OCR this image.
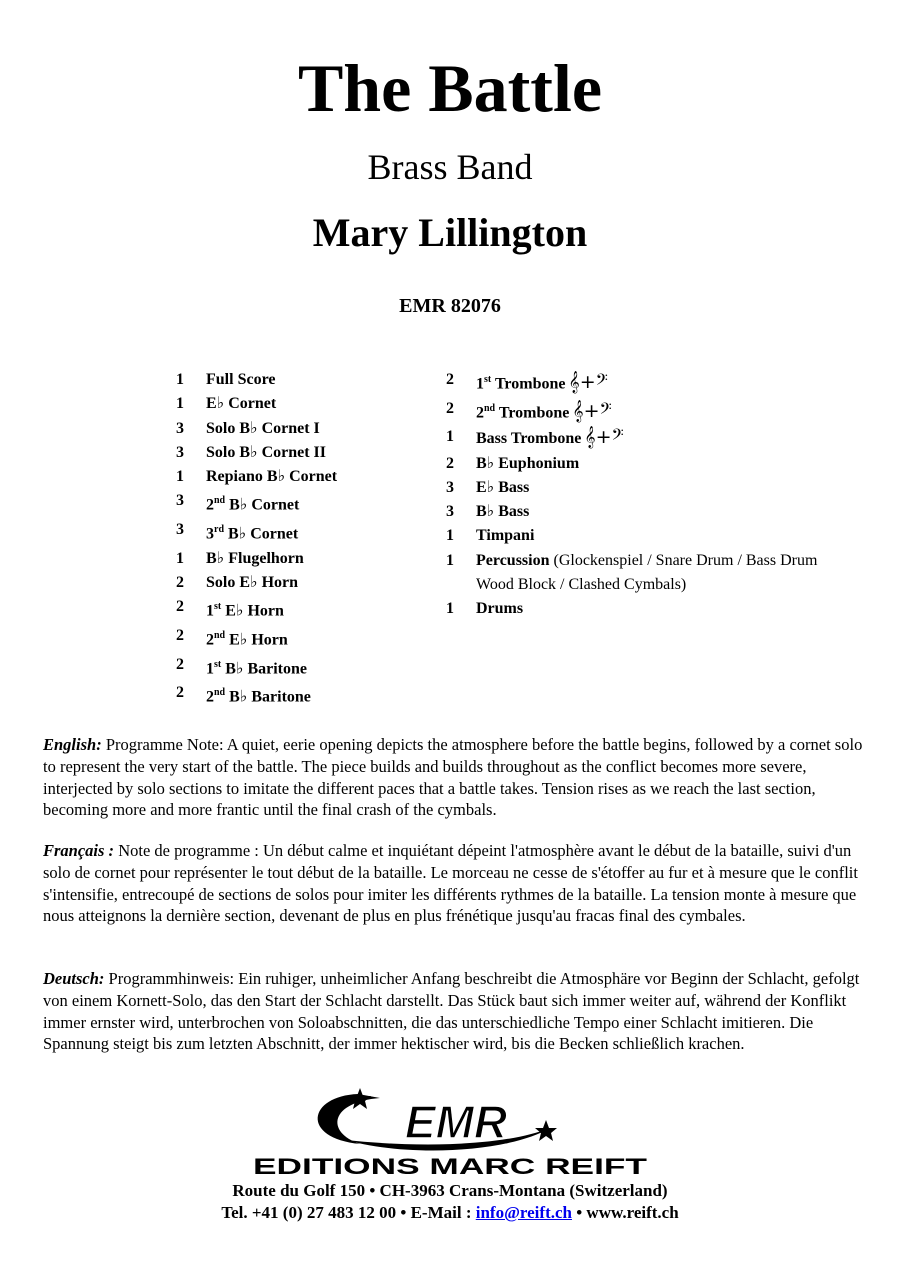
The Battle
Brass Band
Mary Lillington
EMR 82076
1	Full Score
1	E♭ Cornet
3	Solo B♭ Cornet I
3	Solo B♭ Cornet II
1	Repiano B♭ Cornet
3	2nd B♭ Cornet
3	3rd B♭ Cornet
1	B♭ Flugelhorn
2	Solo E♭ Horn
2	1st E♭ Horn
2	2nd E♭ Horn
2	1st B♭ Baritone
2	2nd B♭ Baritone
2	1st Trombone 𝄞+𝄢
2	2nd Trombone 𝄞+𝄢
1	Bass Trombone 𝄞+𝄢
2	B♭ Euphonium
3	E♭ Bass
3	B♭ Bass
1	Timpani
1	Percussion (Glockenspiel / Snare Drum / Bass Drum
Wood Block / Clashed Cymbals)
1	Drums
English: Programme Note: A quiet, eerie opening depicts the atmosphere before the battle begins, followed by a cornet solo to represent the very start of the battle. The piece builds and builds throughout as the conflict becomes more severe, interjected by solo sections to imitate the different paces that a battle takes. Tension rises as we reach the last section, becoming more and more frantic until the final crash of the cymbals.
Français : Note de programme : Un début calme et inquiétant dépeint l'atmosphère avant le début de la bataille, suivi d'un solo de cornet pour représenter le tout début de la bataille. Le morceau ne cesse de s'étoffer au fur et à mesure que le conflit s'intensifie, entrecoupé de sections de solos pour imiter les différents rythmes de la bataille. La tension monte à mesure que nous atteignons la dernière section, devenant de plus en plus frénétique jusqu'au fracas final des cymbales.
Deutsch: Programmhinweis: Ein ruhiger, unheimlicher Anfang beschreibt die Atmosphäre vor Beginn der Schlacht, gefolgt von einem Kornett-Solo, das den Start der Schlacht darstellt. Das Stück baut sich immer weiter auf, während der Konflikt immer ernster wird, unterbrochen von Soloabschnitten, die das unterschiedliche Tempo einer Schlacht imitieren. Die Spannung steigt bis zum letzten Abschnitt, der immer hektischer wird, bis die Becken schließlich krachen.
EMR
EDITIONS MARC REIFT
Route du Golf 150 • CH-3963 Crans-Montana (Switzerland)
Tel. +41 (0) 27 483 12 00 • E-Mail : info@reift.ch • www.reift.ch
